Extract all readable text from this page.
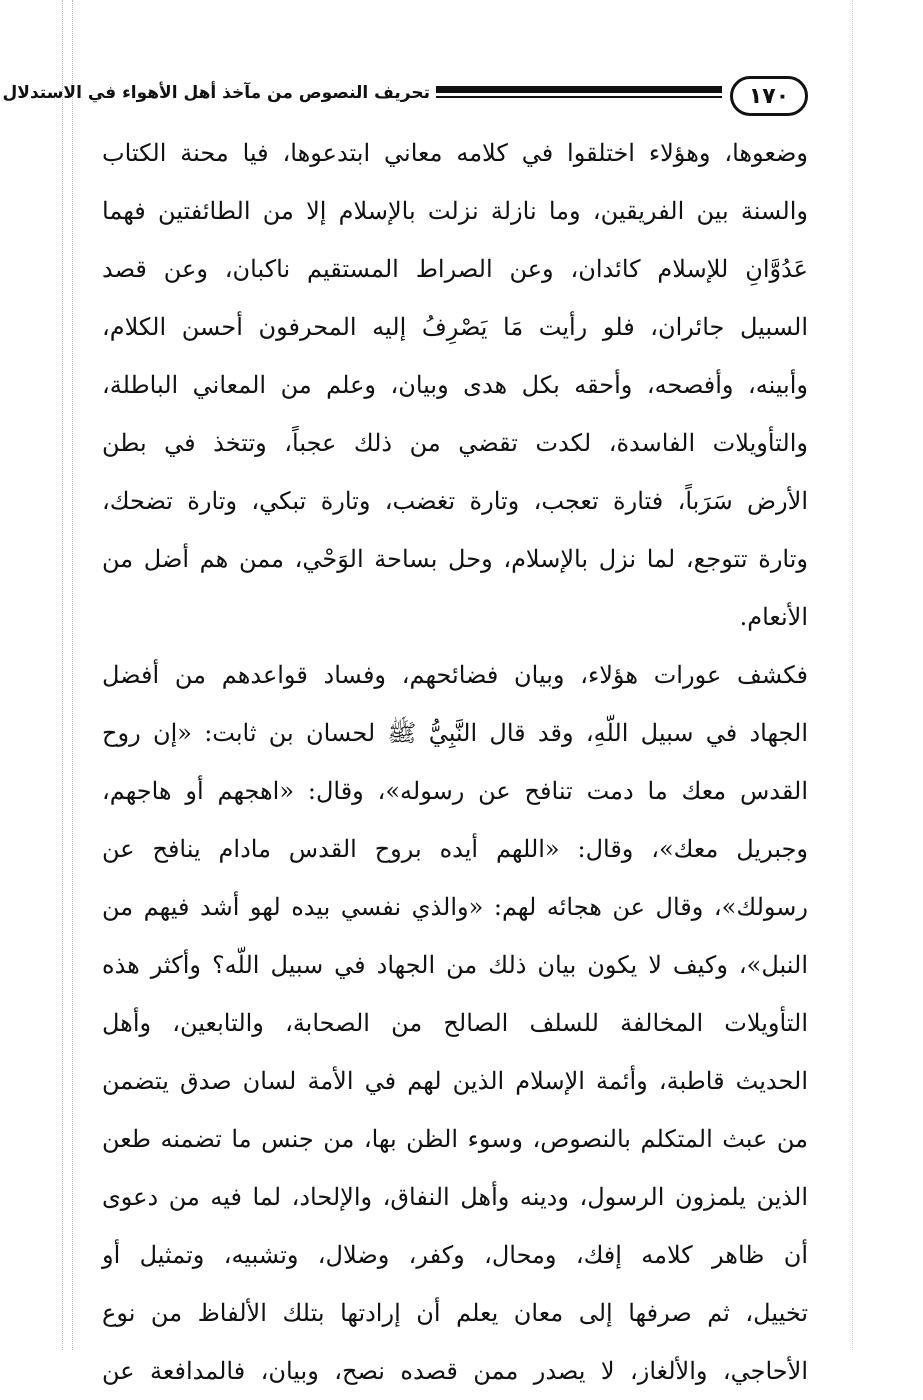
تحريف النصوص من مآخذ أهل الأهواء في الاستدلال	١٧٠
وضعوها، وهؤلاء اختلقوا في كلامه معاني ابتدعوها، فيا محنة الكتاب
والسنة بين الفريقين، وما نازلة نزلت بالإسلام إلا من الطائفتين فهما
عَدُوَّانِ للإسلام كائدان، وعن الصراط المستقيم ناكبان، وعن قصد
السبيل جائران، فلو رأيت مَا يَصْرِفُ إليه المحرفون أحسن الكلام،
وأبينه، وأفصحه، وأحقه بكل هدى وبيان، وعلم من المعاني الباطلة،
والتأويلات الفاسدة، لكدت تقضي من ذلك عجباً، وتتخذ في بطن
الأرض سَرَباً، فتارة تعجب، وتارة تغضب، وتارة تبكي، وتارة تضحك،
وتارة تتوجع، لما نزل بالإسلام، وحل بساحة الوَحْي، ممن هم أضل من
الأنعام.
فكشف عورات هؤلاء، وبيان فضائحهم، وفساد قواعدهم من أفضل
الجهاد في سبيل اللّهِ، وقد قال النَّبِيُّ ﷺ لحسان بن ثابت: «إن روح
القدس معك ما دمت تنافح عن رسوله»، وقال: «اهجهم أو هاجهم،
وجبريل معك»، وقال: «اللهم أيده بروح القدس مادام ينافح عن
رسولك»، وقال عن هجائه لهم: «والذي نفسي بيده لهو أشد فيهم من
النبل»، وكيف لا يكون بيان ذلك من الجهاد في سبيل اللّه؟ وأكثر هذه
التأويلات المخالفة للسلف الصالح من الصحابة، والتابعين، وأهل
الحديث قاطبة، وأئمة الإسلام الذين لهم في الأمة لسان صدق يتضمن
من عبث المتكلم بالنصوص، وسوء الظن بها، من جنس ما تضمنه طعن
الذين يلمزون الرسول، ودينه وأهل النفاق، والإلحاد، لما فيه من دعوى
أن ظاهر كلامه إفك، ومحال، وكفر، وضلال، وتشبيه، وتمثيل أو
تخييل، ثم صرفها إلى معان يعلم أن إرادتها بتلك الألفاظ من نوع
الأحاجي، والألغاز، لا يصدر ممن قصده نصح، وبيان، فالمدافعة عن
